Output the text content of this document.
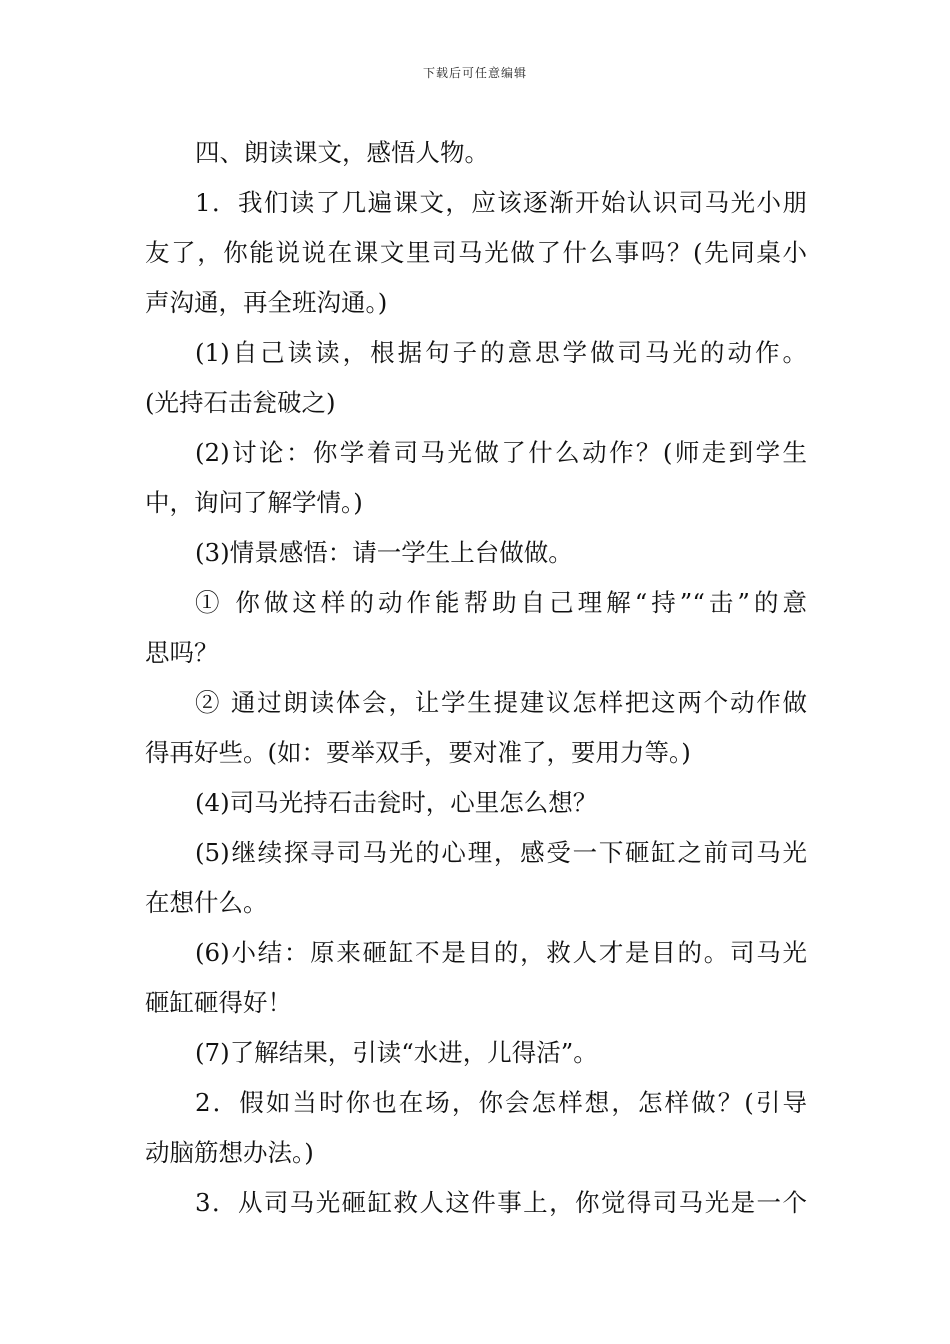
下载后可任意编辑
四、朗读课文，感悟人物。
1．我们读了几遍课文，应该逐渐开始认识司马光小朋
友了，你能说说在课文里司马光做了什么事吗？(先同桌小
声沟通，再全班沟通。)
(1)自己读读，根据句子的意思学做司马光的动作。
(光持石击瓮破之)
(2)讨论：你学着司马光做了什么动作？(师走到学生
中，询问了解学情。)
(3)情景感悟：请一学生上台做做。
① 你做这样的动作能帮助自己理解“持”“击”的意
思吗？
② 通过朗读体会，让学生提建议怎样把这两个动作做
得再好些。(如：要举双手，要对准了，要用力等。)
(4)司马光持石击瓮时，心里怎么想？
(5)继续探寻司马光的心理，感受一下砸缸之前司马光
在想什么。
(6)小结：原来砸缸不是目的，救人才是目的。司马光
砸缸砸得好！
(7)了解结果，引读“水进，儿得活”。
2．假如当时你也在场，你会怎样想，怎样做？(引导
动脑筋想办法。)
3．从司马光砸缸救人这件事上，你觉得司马光是一个
